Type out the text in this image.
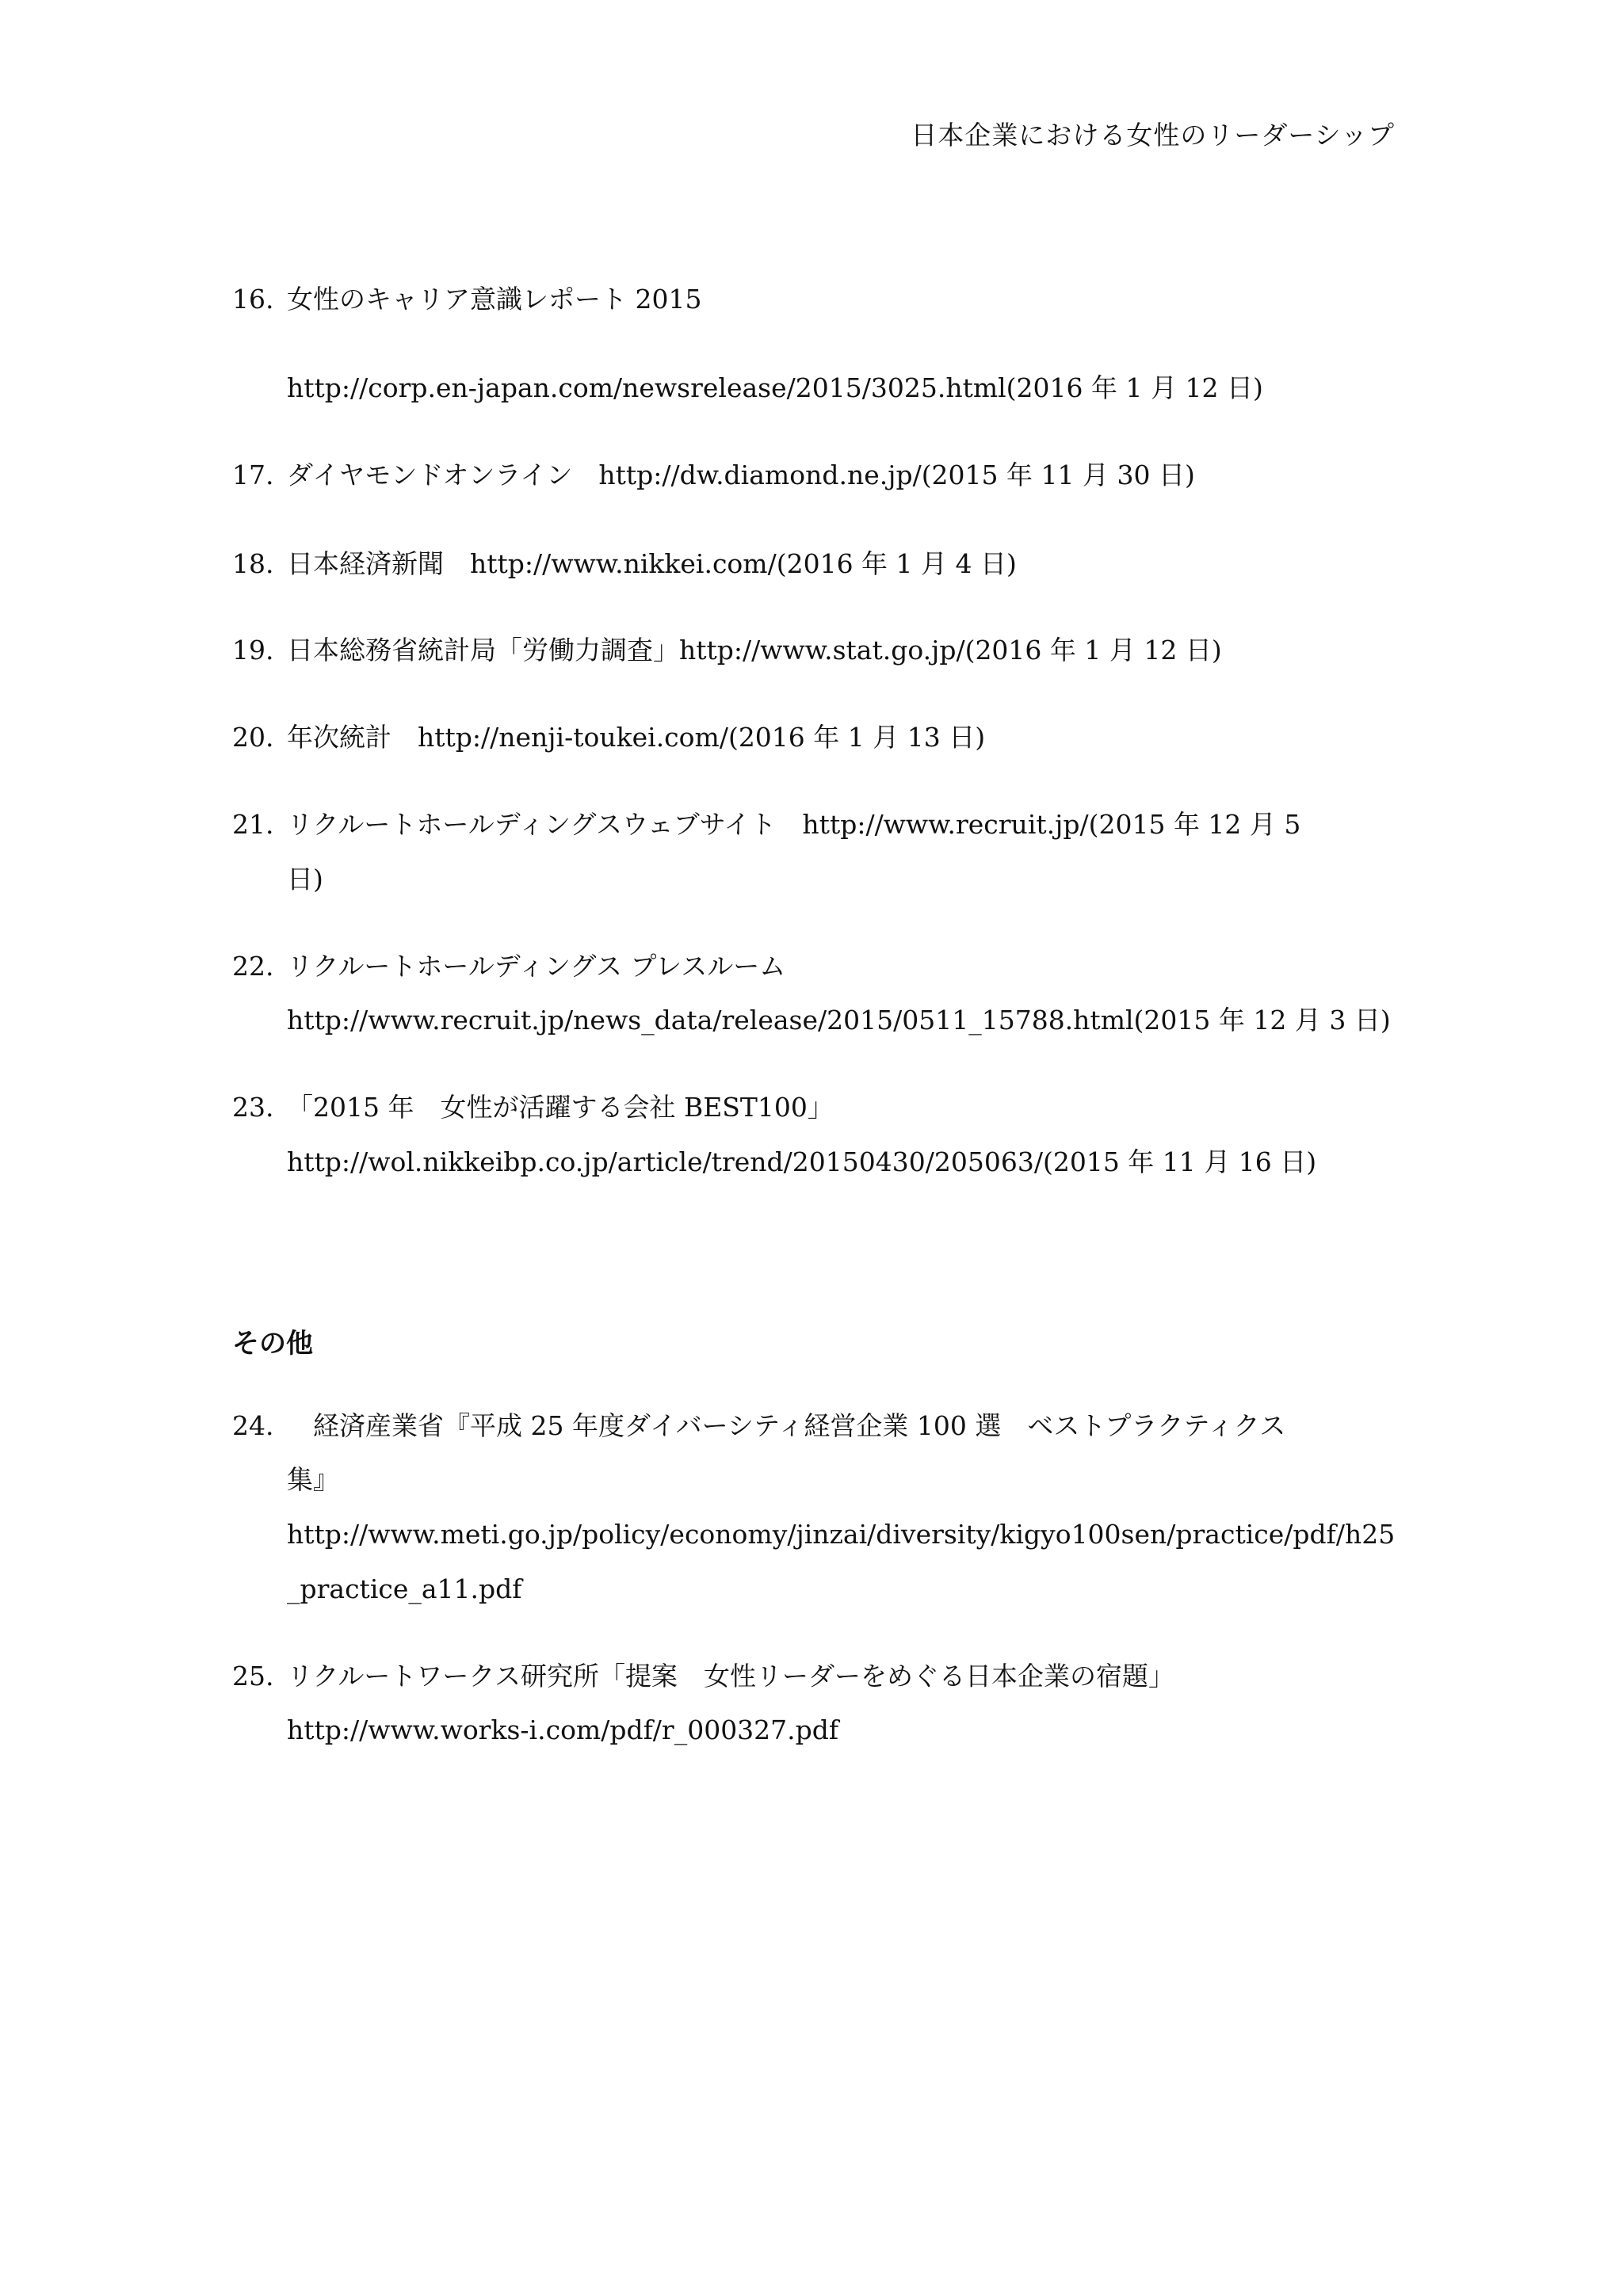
日本企業における女性のリーダーシップ
16. 女性のキャリア意識レポート 2015
http://corp.en-japan.com/newsrelease/2015/3025.html(2016 年 1 月 12 日)
17. ダイヤモンドオンライン　http://dw.diamond.ne.jp/(2015 年 11 月 30 日)
18. 日本経済新聞　http://www.nikkei.com/(2016 年 1 月 4 日)
19. 日本総務省統計局「労働力調査」http://www.stat.go.jp/(2016 年 1 月 12 日)
20. 年次統計　http://nenji-toukei.com/(2016 年 1 月 13 日)
21. リクルートホールディングスウェブサイト　http://www.recruit.jp/(2015 年 12 月 5
日)
22. リクルートホールディングス プレスルーム
http://www.recruit.jp/news_data/release/2015/0511_15788.html(2015 年 12 月 3 日)
23. 「2015 年　女性が活躍する会社 BEST100」
http://wol.nikkeibp.co.jp/article/trend/20150430/205063/(2015 年 11 月 16 日)
その他
24. 　経済産業省『平成 25 年度ダイバーシティ経営企業 100 選　ベストプラクティクス
集』
http://www.meti.go.jp/policy/economy/jinzai/diversity/kigyo100sen/practice/pdf/h25
_practice_a11.pdf
25. リクルートワークス研究所「提案　女性リーダーをめぐる日本企業の宿題」
http://www.works-i.com/pdf/r_000327.pdf
